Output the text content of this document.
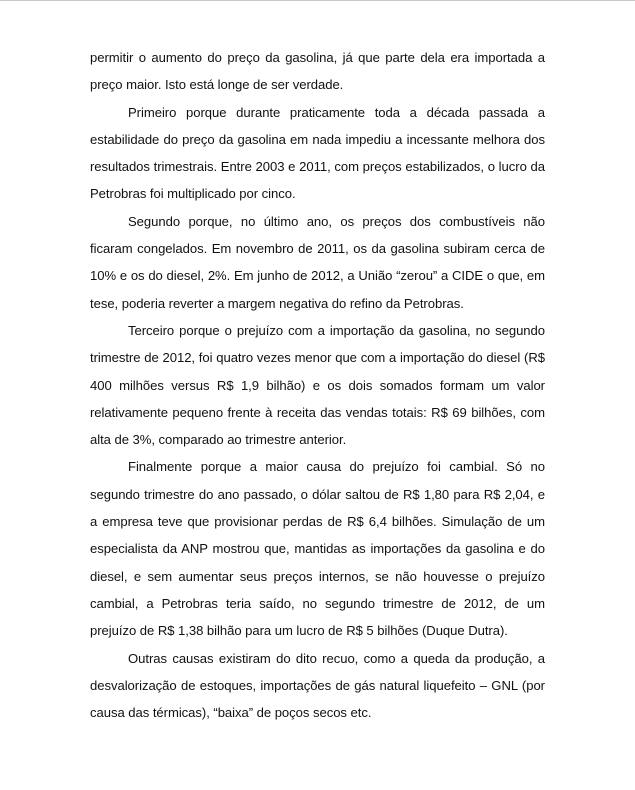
permitir o aumento do preço da gasolina, já que parte dela era importada a preço maior. Isto está longe de ser verdade.

Primeiro porque durante praticamente toda a década passada a estabilidade do preço da gasolina em nada impediu a incessante melhora dos resultados trimestrais. Entre 2003 e 2011, com preços estabilizados, o lucro da Petrobras foi multiplicado por cinco.

Segundo porque, no último ano, os preços dos combustíveis não ficaram congelados. Em novembro de 2011, os da gasolina subiram cerca de 10% e os do diesel, 2%. Em junho de 2012, a União “zerou” a CIDE o que, em tese, poderia reverter a margem negativa do refino da Petrobras.

Terceiro porque o prejuízo com a importação da gasolina, no segundo trimestre de 2012, foi quatro vezes menor que com a importação do diesel (R$ 400 milhões versus R$ 1,9 bilhão) e os dois somados formam um valor relativamente pequeno frente à receita das vendas totais: R$ 69 bilhões, com alta de 3%, comparado ao trimestre anterior.

Finalmente porque a maior causa do prejuízo foi cambial. Só no segundo trimestre do ano passado, o dólar saltou de R$ 1,80 para R$ 2,04, e a empresa teve que provisionar perdas de R$ 6,4 bilhões. Simulação de um especialista da ANP mostrou que, mantidas as importações da gasolina e do diesel, e sem aumentar seus preços internos, se não houvesse o prejuízo cambial, a Petrobras teria saído, no segundo trimestre de 2012, de um prejuízo de R$ 1,38 bilhão para um lucro de R$ 5 bilhões (Duque Dutra).

Outras causas existiram do dito recuo, como a queda da produção, a desvalorização de estoques, importações de gás natural liquefeito – GNL (por causa das térmicas), “baixa” de poços secos etc.
